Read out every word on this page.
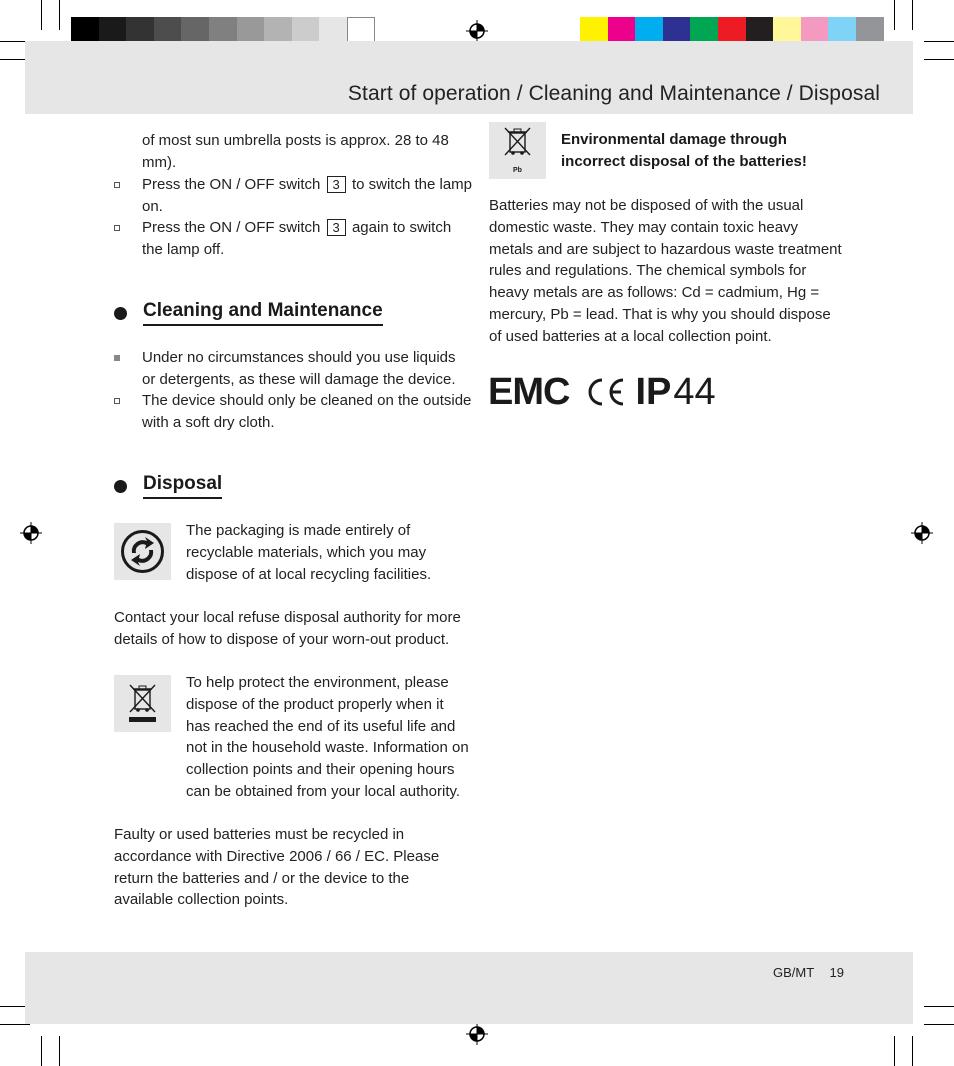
Start of operation / Cleaning and Maintenance / Disposal
of most sun umbrella posts is approx. 28 to 48 mm).
Press the ON / OFF switch 3 to switch the lamp on.
Press the ON / OFF switch 3 again to switch the lamp off.
Cleaning and Maintenance
Under no circumstances should you use liquids or detergents, as these will damage the device.
The device should only be cleaned on the outside with a soft dry cloth.
Disposal
The packaging is made entirely of recyclable materials, which you may dispose of at local recycling facilities.
Contact your local refuse disposal authority for more details of how to dispose of your worn-out product.
To help protect the environment, please dispose of the product properly when it has reached the end of its useful life and not in the household waste. Information on collection points and their opening hours can be obtained from your local authority.
Faulty or used batteries must be recycled in accordance with Directive 2006 / 66 / EC. Please return the batteries and / or the device to the available collection points.
Pb
Environmental damage through incorrect disposal of the batteries!
Batteries may not be disposed of with the usual domestic waste. They may contain toxic heavy metals and are subject to hazardous waste treatment rules and regulations. The chemical symbols for heavy metals are as follows: Cd = cadmium, Hg = mercury, Pb = lead. That is why you should dispose of used batteries at a local collection point.
EMC IP 44
GB/MT 19
